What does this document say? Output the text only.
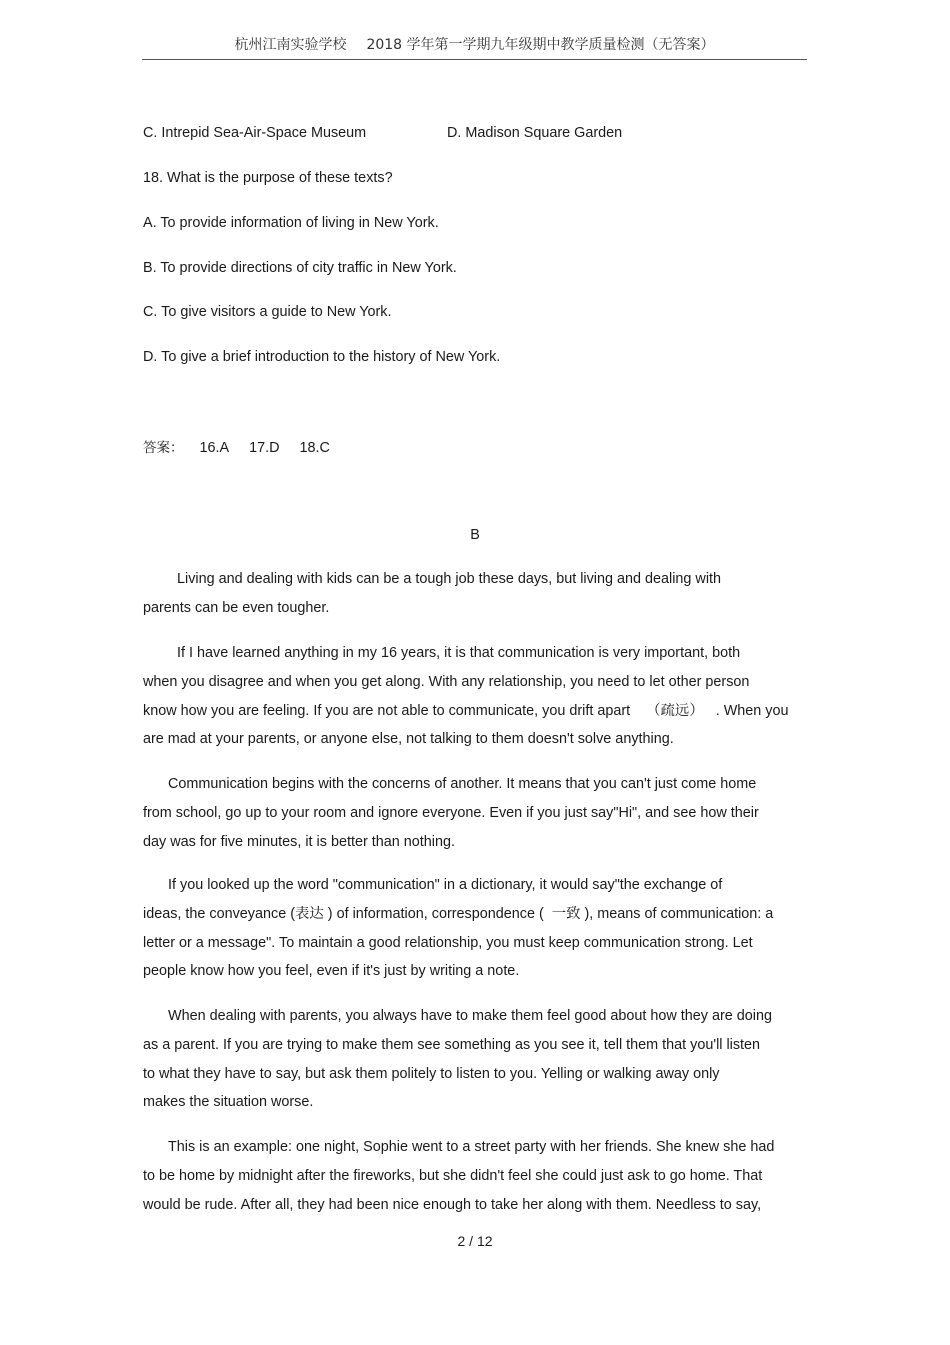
杭州江南实验学校 2018 学年第一学期九年级期中教学质量检测（无答案）
C. Intrepid Sea-Air-Space Museum	D. Madison Square Garden
18. What is the purpose of these texts?
A. To provide information of living in New York.
B. To provide directions of city traffic in New York.
C. To give visitors a guide to New York.
D. To give a brief introduction to the history of New York.
答案： 16.A 17.D 18.C
B

Living and dealing with kids can be a tough job these days, but living and dealing with
parents can be even tougher.

If I have learned anything in my 16 years, it is that communication is very important, both
when you disagree and when you get along. With any relationship, you need to let other person
know how you are feeling. If you are not able to communicate, you drift apart    （疏远）   . When you
are mad at your parents, or anyone else, not talking to them doesn't solve anything.

Communication begins with the concerns of another. It means that you can't just come home
from school, go up to your room and ignore everyone. Even if you just say"Hi", and see how their
day was for five minutes, it is better than nothing.

If you looked up the word "communication" in a dictionary, it would say"the exchange of
ideas, the conveyance (表达 ) of information, correspondence (  一致 ), means of communication: a
letter or a message". To maintain a good relationship, you must keep communication strong. Let
people know how you feel, even if it's just by writing a note.

When dealing with parents, you always have to make them feel good about how they are doing
as a parent. If you are trying to make them see something as you see it, tell them that you'll listen
to what they have to say, but ask them politely to listen to you. Yelling or walking away only
makes the situation worse.

This is an example: one night, Sophie went to a street party with her friends. She knew she had
to be home by midnight after the fireworks, but she didn't feel she could just ask to go home. That
would be rude. After all, they had been nice enough to take her along with them. Needless to say,

2 / 12
